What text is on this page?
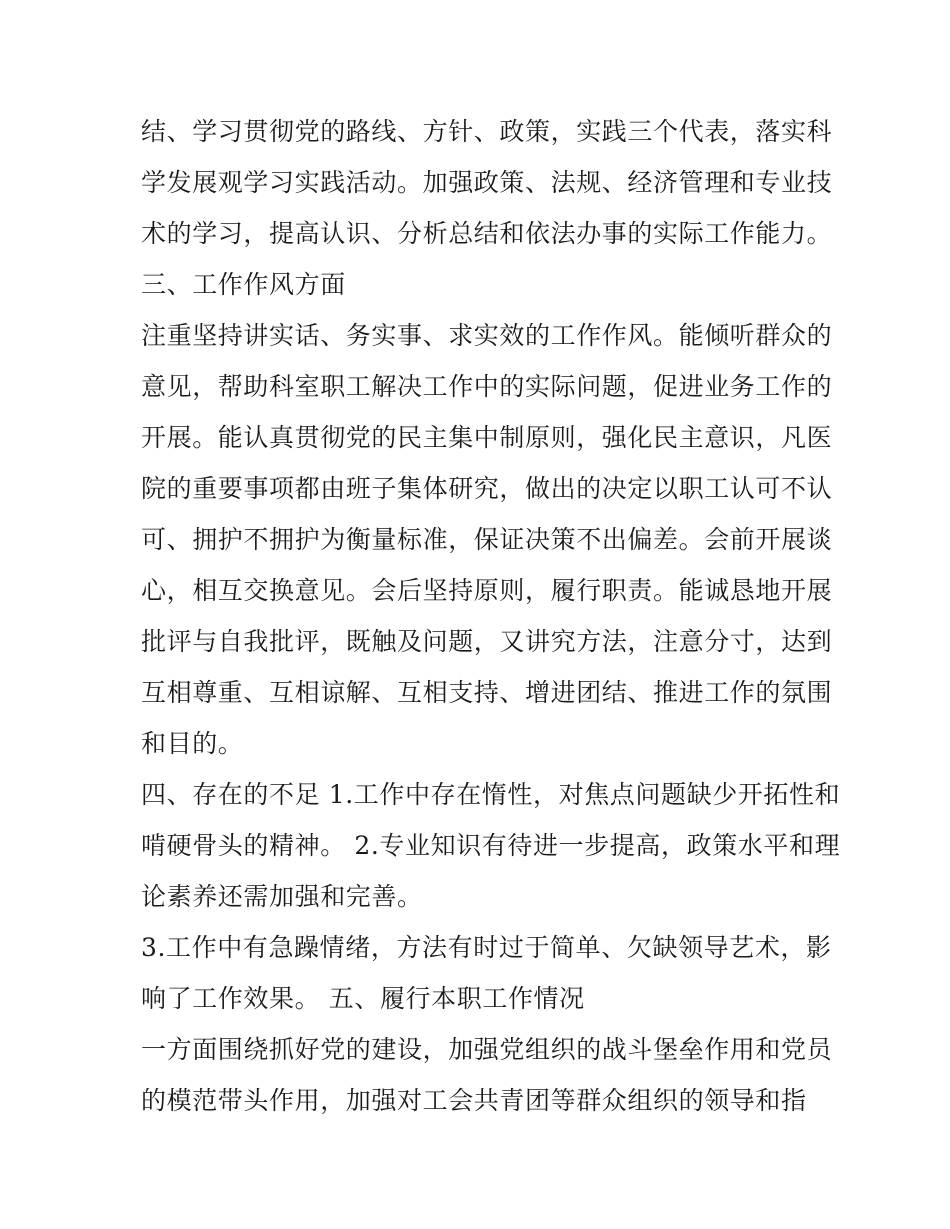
结、学习贯彻党的路线、方针、政策，实践三个代表，落实科
学发展观学习实践活动。加强政策、法规、经济管理和专业技
术的学习，提高认识、分析总结和依法办事的实际工作能力。
三、工作作风方面
注重坚持讲实话、务实事、求实效的工作作风。能倾听群众的
意见，帮助科室职工解决工作中的实际问题，促进业务工作的
开展。能认真贯彻党的民主集中制原则，强化民主意识，凡医
院的重要事项都由班子集体研究，做出的决定以职工认可不认
可、拥护不拥护为衡量标准，保证决策不出偏差。会前开展谈
心，相互交换意见。会后坚持原则，履行职责。能诚恳地开展
批评与自我批评，既触及问题，又讲究方法，注意分寸，达到
互相尊重、互相谅解、互相支持、增进团结、推进工作的氛围
和目的。
四、存在的不足 1.工作中存在惰性，对焦点问题缺少开拓性和
啃硬骨头的精神。 2.专业知识有待进一步提高，政策水平和理
论素养还需加强和完善。
3.工作中有急躁情绪，方法有时过于简单、欠缺领导艺术，影
响了工作效果。 五、履行本职工作情况
一方面围绕抓好党的建设，加强党组织的战斗堡垒作用和党员
的模范带头作用，加强对工会共青团等群众组织的领导和指
